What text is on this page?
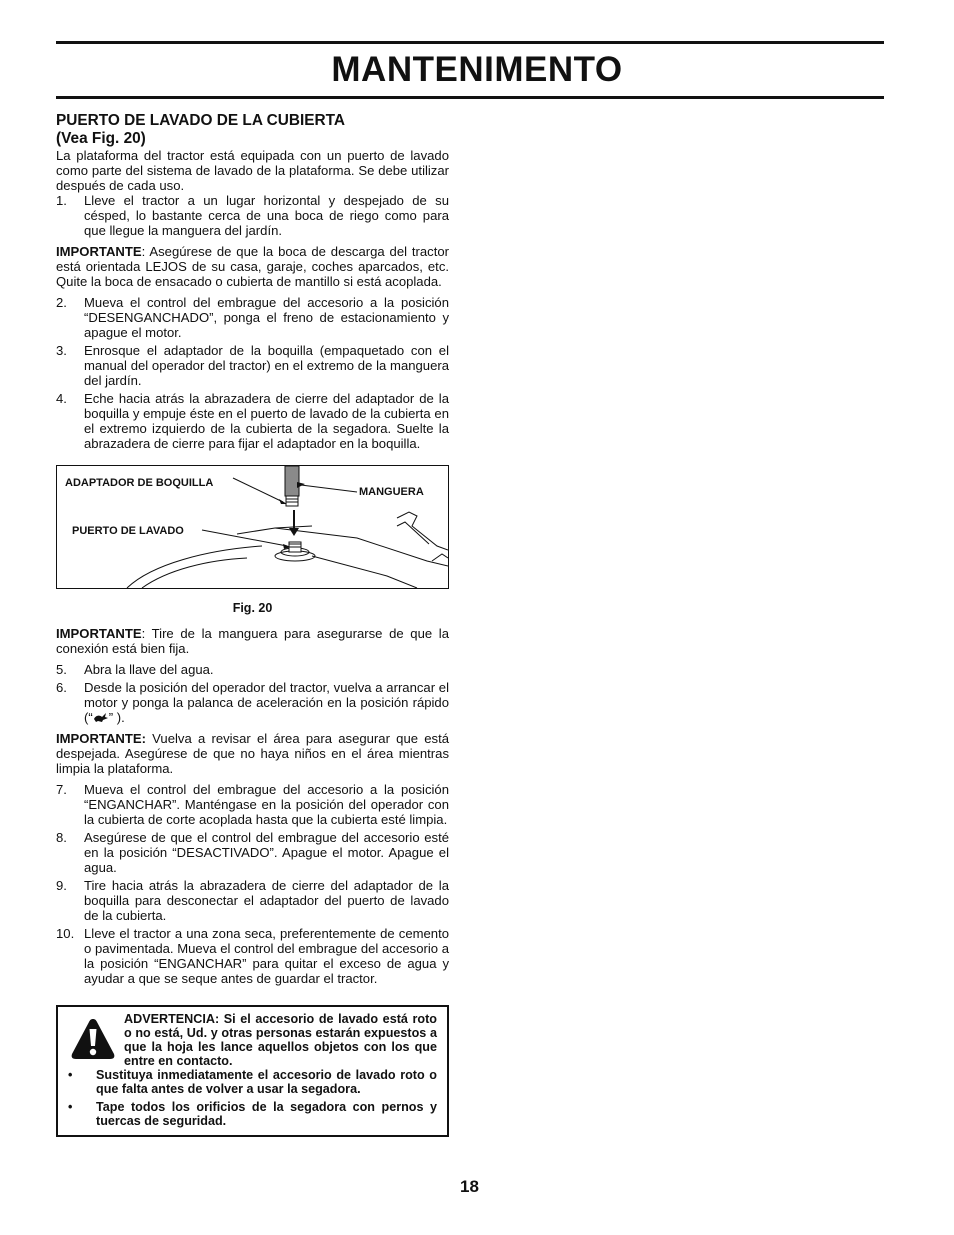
MANTENIMENTO
PUERTO DE LAVADO DE LA CUBIERTA
(Vea Fig. 20)

La plataforma del tractor está equipada con un puerto de lavado como parte del sistema de lavado de la plataforma. Se debe utilizar después de cada uso.

1. Lleve el tractor a un lugar horizontal y despejado de su césped, lo bastante cerca de una boca de riego como para que llegue la manguera del jardín.

IMPORTANTE: Asegúrese de que la boca de descarga del tractor está orientada LEJOS de su casa, garaje, coches aparcados, etc. Quite la boca de ensacado o cubierta de mantillo si está acoplada.

2. Mueva el control del embrague del accesorio a la posición “DESENGANCHADO”, ponga el freno de estacionamiento y apague el motor.
3. Enrosque el adaptador de la boquilla (empaquetado con el manual del operador del tractor) en el extremo de la manguera del jardín.
4. Eche hacia atrás la abrazadera de cierre del adaptador de la boquilla y empuje éste en el puerto de lavado de la cubierta en el extremo izquierdo de la cubierta de la segadora. Suelte la abrazadera de cierre para fijar el adaptador en la boquilla.
ADAPTADOR DE BOQUILLA
MANGUERA
PUERTO DE LAVADO
Fig. 20

IMPORTANTE: Tire de la manguera para asegurarse de que la conexión está bien fija.

5. Abra la llave del agua.
6. Desde la posición del operador del tractor, vuelva a arrancar el motor y ponga la palanca de aceleración en la posición rápido (“ ” ).

IMPORTANTE: Vuelva a revisar el área para asegurar que está despejada. Asegúrese de que no haya niños en el área mientras limpia la plataforma.

7. Mueva el control del embrague del accesorio a la posición “ENGANCHAR”. Manténgase en la posición del operador con la cubierta de corte acoplada hasta que la cubierta esté limpia.
8. Asegúrese de que el control del embrague del accesorio esté en la posición “DESACTIVADO”. Apague el motor. Apague el agua.
9. Tire hacia atrás la abrazadera de cierre del adaptador de la boquilla para desconectar el adaptador del puerto de lavado de la cubierta.
10. Lleve el tractor a una zona seca, preferentemente de cemento o pavimentada. Mueva el control del embrague del accesorio a la posición “ENGANCHAR” para quitar el exceso de agua y ayudar a que se seque antes de guardar el tractor.
ADVERTENCIA: Si el accesorio de lavado está roto o no está, Ud. y otras personas estarán expuestos a que la hoja les lance aquellos objetos con los que entre en contacto.
• Sustituya inmediatamente el accesorio de lavado roto o que falta antes de volver a usar la segadora.
• Tape todos los orificios de la segadora con pernos y tuercas de seguridad.
18
